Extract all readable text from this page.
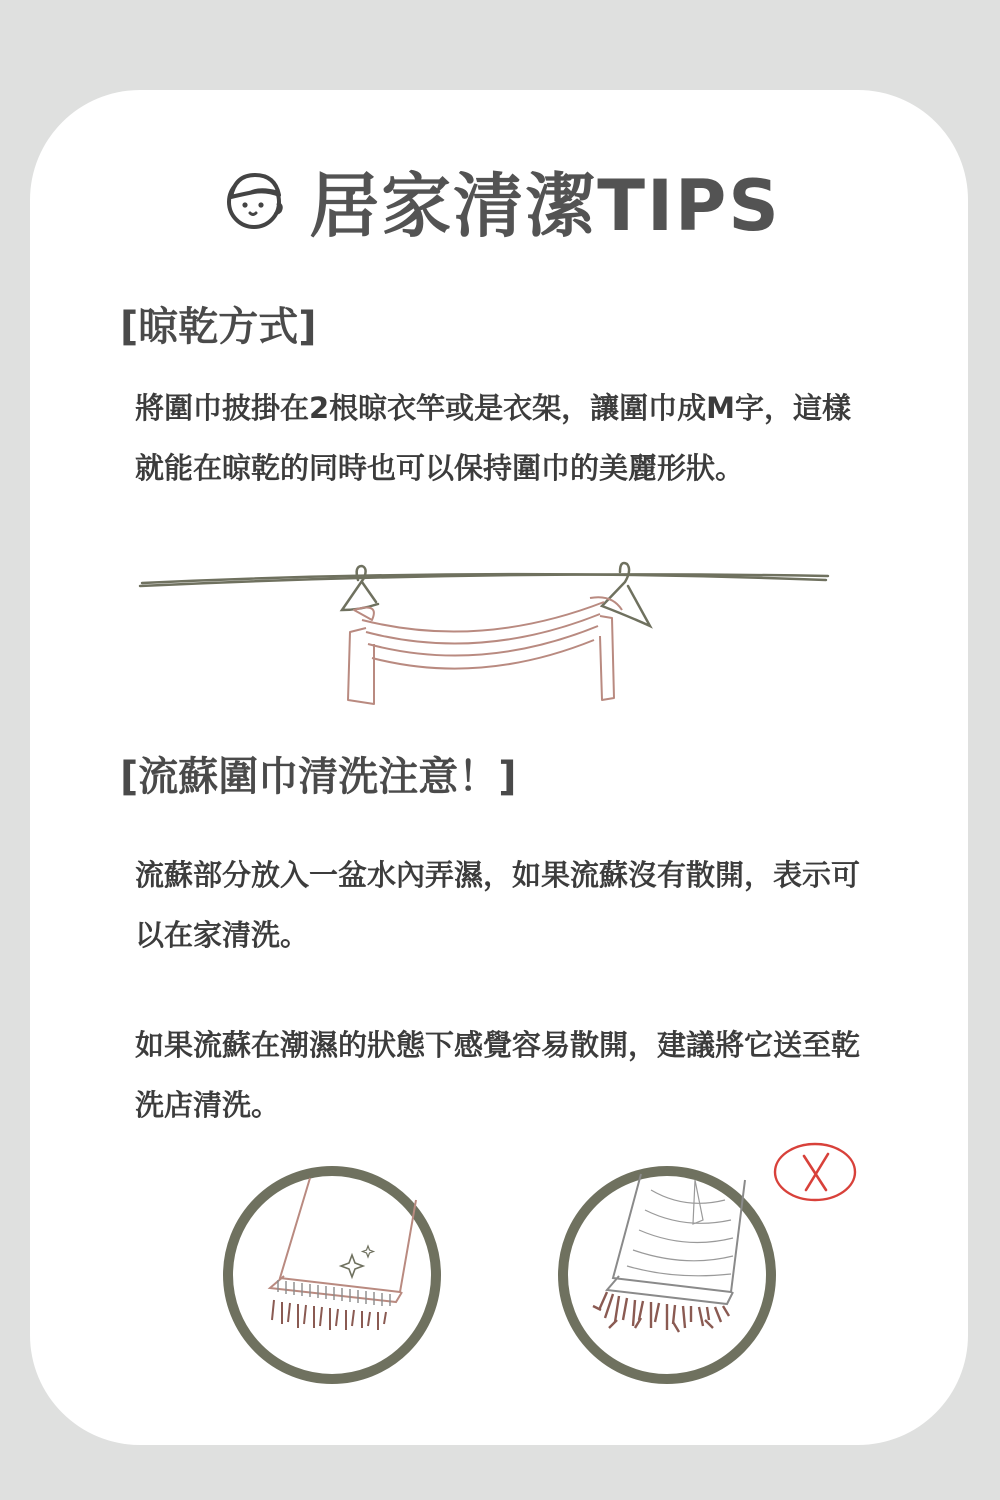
居家清潔TIPS
[晾乾方式]
將圍巾披掛在2根晾衣竿或是衣架，讓圍巾成M字，這樣就能在晾乾的同時也可以保持圍巾的美麗形狀。
[流蘇圍巾清洗注意！]
流蘇部分放入一盆水內弄濕，如果流蘇沒有散開，表示可以在家清洗。
如果流蘇在潮濕的狀態下感覺容易散開，建議將它送至乾洗店清洗。
